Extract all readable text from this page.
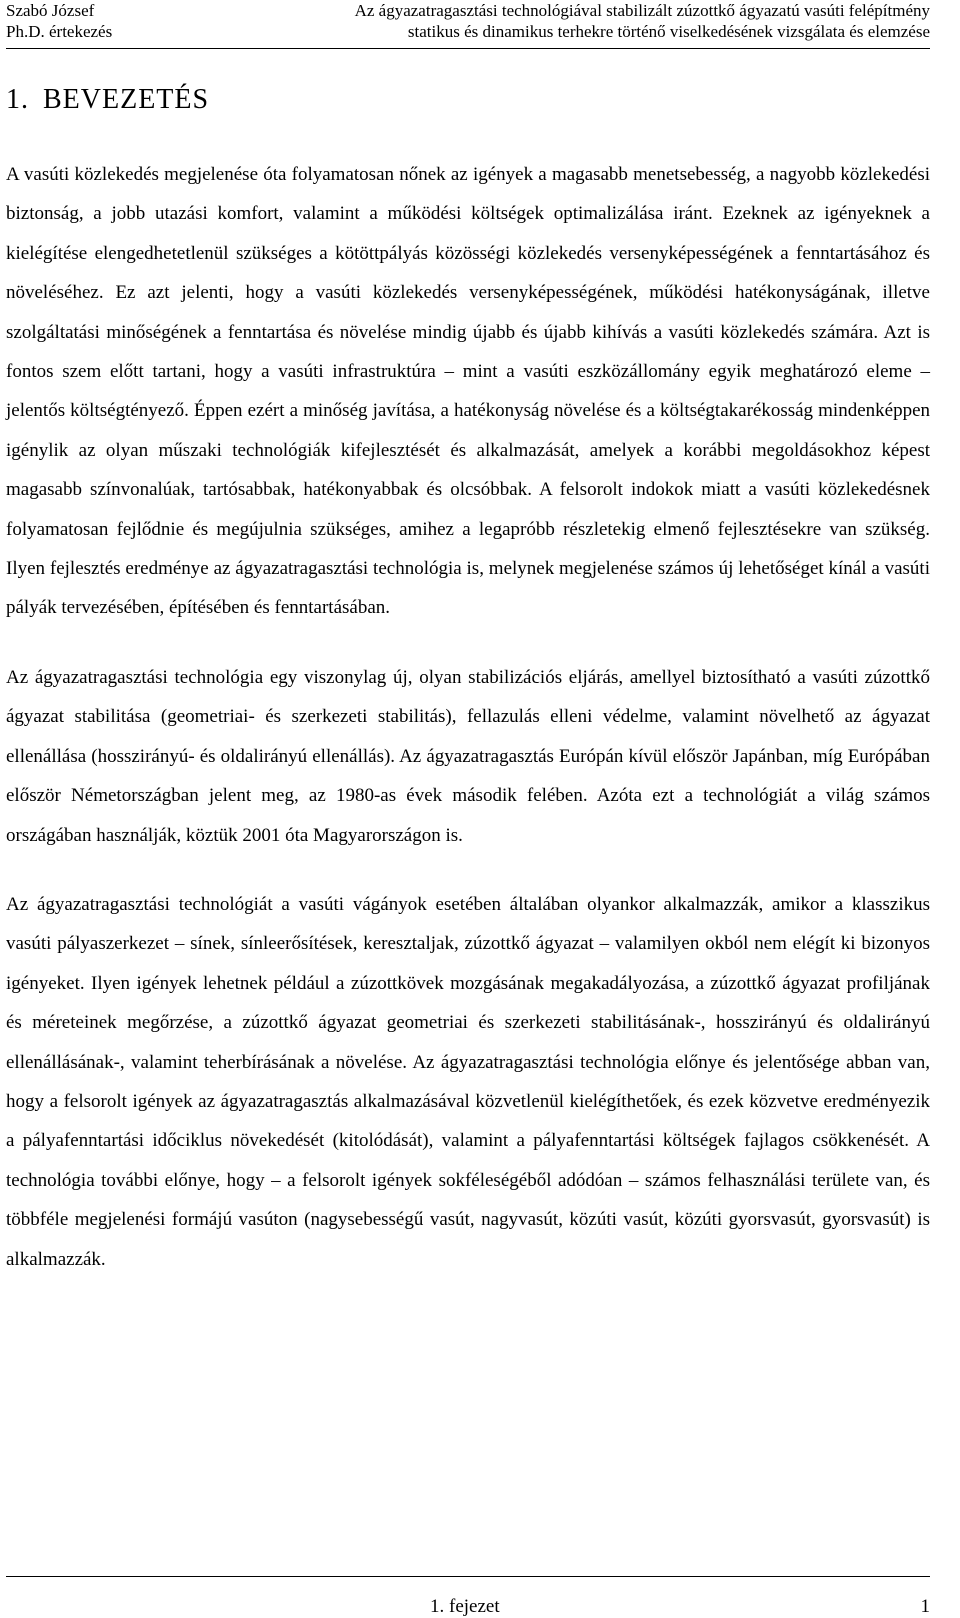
Szabó József
Ph.D. értekezés
Az ágyazatragasztási technológiával stabilizált zúzottkő ágyazatú vasúti felépítmény
statikus és dinamikus terhekre történő viselkedésének vizsgálata és elemzése
1. BEVEZETÉS

A vasúti közlekedés megjelenése óta folyamatosan nőnek az igények a magasabb menetsebesség, a nagyobb közlekedési biztonság, a jobb utazási komfort, valamint a működési költségek optimalizálása iránt. Ezeknek az igényeknek a kielégítése elengedhetetlenül szükséges a kötöttpályás közösségi közlekedés versenyképességének a fenntartásához és növeléséhez. Ez azt jelenti, hogy a vasúti közlekedés versenyképességének, működési hatékonyságának, illetve szolgáltatási minőségének a fenntartása és növelése mindig újabb és újabb kihívás a vasúti közlekedés számára. Azt is fontos szem előtt tartani, hogy a vasúti infrastruktúra – mint a vasúti eszközállomány egyik meghatározó eleme – jelentős költségtényező. Éppen ezért a minőség javítása, a hatékonyság növelése és a költségtakarékosság mindenképpen igénylik az olyan műszaki technológiák kifejlesztését és alkalmazását, amelyek a korábbi megoldásokhoz képest magasabb színvonalúak, tartósabbak, hatékonyabbak és olcsóbbak. A felsorolt indokok miatt a vasúti közlekedésnek folyamatosan fejlődnie és megújulnia szükséges, amihez a legapróbb részletekig elmenő fejlesztésekre van szükség. Ilyen fejlesztés eredménye az ágyazatragasztási technológia is, melynek megjelenése számos új lehetőséget kínál a vasúti pályák tervezésében, építésében és fenntartásában.

Az ágyazatragasztási technológia egy viszonylag új, olyan stabilizációs eljárás, amellyel biztosítható a vasúti zúzottkő ágyazat stabilitása (geometriai- és szerkezeti stabilitás), fellazulás elleni védelme, valamint növelhető az ágyazat ellenállása (hosszirányú- és oldalirányú ellenállás). Az ágyazatragasztás Európán kívül először Japánban, míg Európában először Németországban jelent meg, az 1980-as évek második felében. Azóta ezt a technológiát a világ számos országában használják, köztük 2001 óta Magyarországon is.

Az ágyazatragasztási technológiát a vasúti vágányok esetében általában olyankor alkalmazzák, amikor a klasszikus vasúti pályaszerkezet – sínek, sínleerősítések, keresztaljak, zúzottkő ágyazat – valamilyen okból nem elégít ki bizonyos igényeket. Ilyen igények lehetnek például a zúzottkövek mozgásának megakadályozása, a zúzottkő ágyazat profiljának és méreteinek megőrzése, a zúzottkő ágyazat geometriai és szerkezeti stabilitásának-, hosszirányú és oldalirányú ellenállásának-, valamint teherbírásának a növelése. Az ágyazatragasztási technológia előnye és jelentősége abban van, hogy a felsorolt igények az ágyazatragasztás alkalmazásával közvetlenül kielégíthetőek, és ezek közvetve eredményezik a pályafenntartási időciklus növekedését (kitolódását), valamint a pályafenntartási költségek fajlagos csökkenését. A technológia további előnye, hogy – a felsorolt igények sokféleségéből adódóan – számos felhasználási területe van, és többféle megjelenési formájú vasúton (nagysebességű vasút, nagyvasút, közúti vasút, közúti gyorsvasút, gyorsvasút) is alkalmazzák.

1. fejezet	1
